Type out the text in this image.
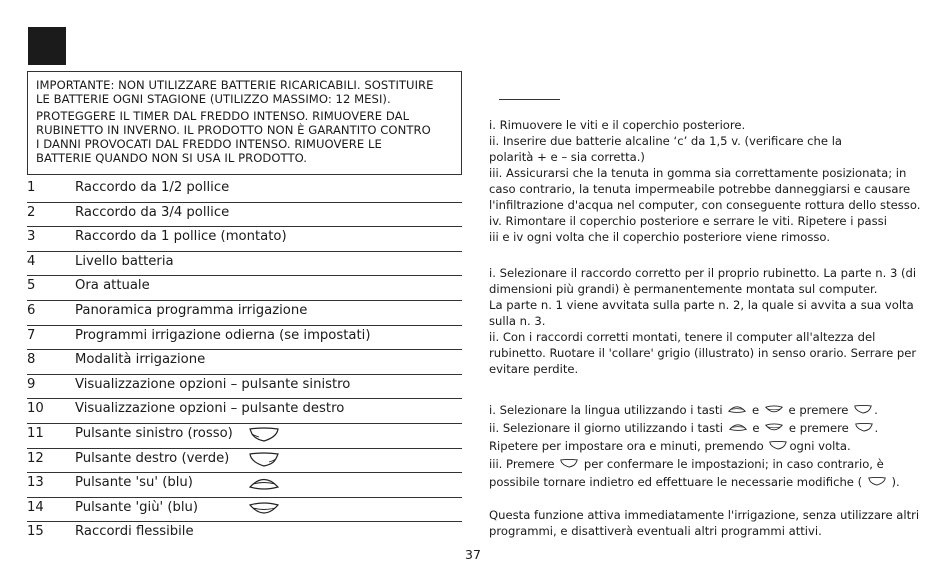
IMPORTANTE: NON UTILIZZARE BATTERIE RICARICABILI. SOSTITUIRE
LE BATTERIE OGNI STAGIONE (UTILIZZO MASSIMO: 12 MESI).

PROTEGGERE IL TIMER DAL FREDDO INTENSO. RIMUOVERE DAL
RUBINETTO IN INVERNO. IL PRODOTTO NON È GARANTITO CONTRO
I DANNI PROVOCATI DAL FREDDO INTENSO. RIMUOVERE LE
BATTERIE QUANDO NON SI USA IL PRODOTTO.

1	Raccordo da 1/2 pollice
2	Raccordo da 3/4 pollice
3	Raccordo da 1 pollice (montato)
4	Livello batteria
5	Ora attuale
6	Panoramica programma irrigazione
7	Programmi irrigazione odierna (se impostati)
8	Modalità irrigazione
9	Visualizzazione opzioni – pulsante sinistro
10 Visualizzazione opzioni – pulsante destro
11 Pulsante sinistro (rosso)
12 Pulsante destro (verde)
13 Pulsante 'su' (blu)
14 Pulsante 'giù' (blu)
15 Raccordi flessibile
i. Rimuovere le viti e il coperchio posteriore.
ii. Inserire due batterie alcaline ‘c’ da 1,5 v. (verificare che la
polarità + e – sia corretta.)
iii. Assicurarsi che la tenuta in gomma sia correttamente posizionata; in
caso contrario, la tenuta impermeabile potrebbe danneggiarsi e causare
l'infiltrazione d'acqua nel computer, con conseguente rottura dello stesso.
iv. Rimontare il coperchio posteriore e serrare le viti. Ripetere i passi
iii e iv ogni volta che il coperchio posteriore viene rimosso.
i. Selezionare il raccordo corretto per il proprio rubinetto. La parte n. 3 (di
dimensioni più grandi) è permanentemente montata sul computer.
La parte n. 1 viene avvitata sulla parte n. 2, la quale si avvita a sua volta
sulla n. 3.
ii. Con i raccordi corretti montati, tenere il computer all'altezza del
rubinetto. Ruotare il 'collare' grigio (illustrato) in senso orario. Serrare per
evitare perdite.
i. Selezionare la lingua utilizzando i tasti	e	e premere .
ii. Selezionare il giorno utilizzando i tasti	e	e premere .
Ripetere per impostare ora e minuti, premendo ogni volta.
iii. Premere	per confermare le impostazioni; in caso contrario, è
possibile tornare indietro ed effettuare le necessarie modifiche (	).
Questa funzione attiva immediatamente l'irrigazione, senza utilizzare altri
programmi, e disattiverà eventuali altri programmi attivi.
37
